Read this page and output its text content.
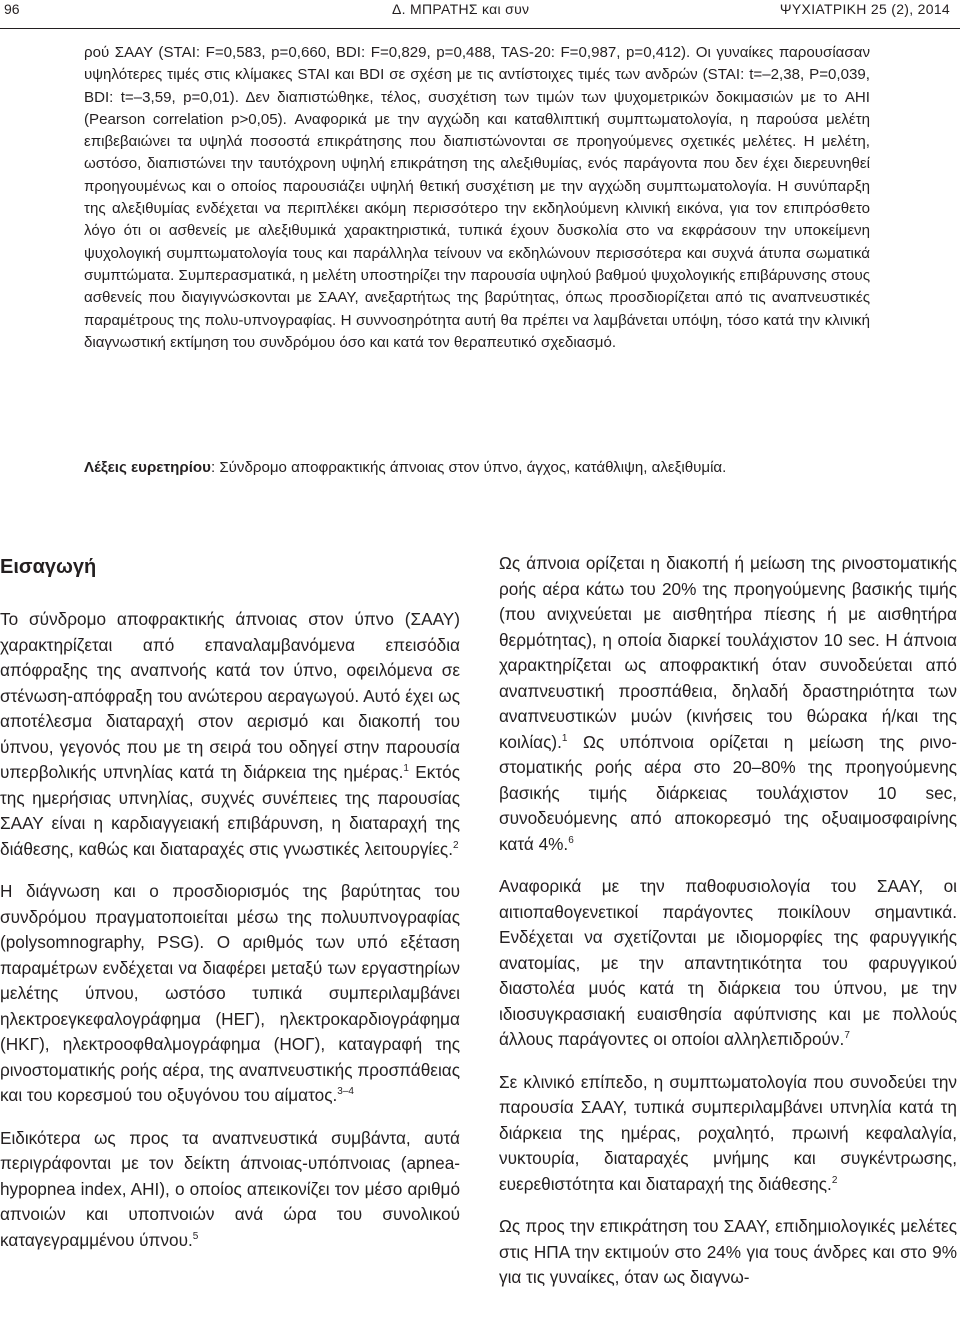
96	Δ. ΜΠΡΑΤΗΣ και συν	ΨΥΧΙΑΤΡΙΚΗ 25 (2), 2014

ρού ΣΑΑΥ (STAI: F=0,583, p=0,660, BDI: F=0,829, p=0,488, TAS-20: F=0,987, p=0,412). Οι γυναίκες παρουσίασαν υψηλότερες τιμές στις κλίμακες STAI και BDI σε σχέση με τις αντίστοιχες τιμές των ανδρών (STAI: t=–2,38, P=0,039, BDI: t=–3,59, p=0,01). Δεν διαπιστώθηκε, τέλος, συσχέτιση των τιμών των ψυχομετρικών δοκιμασιών με το AHI (Pearson correlation p>0,05). Αναφορικά με την αγχώδη και καταθλιπτική συμπτωματολογία, η παρούσα μελέτη επιβεβαιώνει τα υψηλά ποσοστά επικράτησης που διαπιστώνονται σε προηγούμενες σχετικές μελέτες. Η μελέτη, ωστόσο, διαπιστώνει την ταυτόχρονη υψηλή επικράτηση της αλεξιθυμίας, ενός παράγοντα που δεν έχει διερευνηθεί προηγουμένως και ο οποίος παρουσιάζει υψηλή θετική συσχέτιση με την αγχώδη συμπτωματολογία. Η συνύπαρξη της αλεξιθυμίας ενδέχεται να περιπλέκει ακόμη περισσότερο την εκδηλούμενη κλινική εικόνα, για τον επιπρόσθετο λόγο ότι οι ασθενείς με αλεξιθυμικά χαρακτηριστικά, τυπικά έχουν δυσκολία στο να εκφράσουν την υποκείμενη ψυχολογική συμπτωματολογία τους και παράλληλα τείνουν να εκδηλώνουν περισσότερα και συχνά άτυπα σωματικά συμπτώματα. Συμπερασματικά, η μελέτη υποστηρίζει την παρουσία υψηλού βαθμού ψυχολογικής επιβάρυνσης στους ασθενείς που διαγιγνώσκονται με ΣΑΑΥ, ανεξαρτήτως της βαρύτητας, όπως προσδιορίζεται από τις αναπνευστικές παραμέτρους της πολυ-υπνογραφίας. Η συννοσηρότητα αυτή θα πρέπει να λαμβάνεται υπόψη, τόσο κατά την κλινική διαγνωστική εκτίμηση του συνδρόμου όσο και κατά τον θεραπευτικό σχεδιασμό.

Λέξεις ευρετηρίου: Σύνδρομο αποφρακτικής άπνοιας στον ύπνο, άγχος, κατάθλιψη, αλεξιθυμία.
Εισαγωγή

Το σύνδρομο αποφρακτικής άπνοιας στον ύπνο (ΣΑΑΥ) χαρακτηρίζεται από επαναλαμβανόμενα επεισόδια απόφραξης της αναπνοής κατά τον ύπνο, οφειλόμενα σε στένωση-απόφραξη του ανώτερου αεραγωγού. Αυτό έχει ως αποτέλεσμα διαταραχή στον αερισμό και διακοπή του ύπνου, γεγονός που με τη σειρά του οδηγεί στην παρουσία υπερβολικής υπνηλίας κατά τη διάρκεια της ημέρας.$^1$ Εκτός της ημερήσιας υπνηλίας, συχνές συνέπειες της παρουσίας ΣΑΑΥ είναι η καρδιαγγειακή επιβάρυνση, η διαταραχή της διάθεσης, καθώς και διαταραχές στις γνωστικές λειτουργίες.$^2$

Η διάγνωση και ο προσδιορισμός της βαρύτητας του συνδρόμου πραγματοποιείται μέσω της πολυυπνογραφίας (polysomnography, PSG). Ο αριθμός των υπό εξέταση παραμέτρων ενδέχεται να διαφέρει μεταξύ των εργαστηρίων μελέτης ύπνου, ωστόσο τυπικά συμπεριλαμβάνει ηλεκτροεγκεφαλογράφημα (ΗΕΓ), ηλεκτροκαρδιογράφημα (ΗΚΓ), ηλεκτροοφθαλμογράφημα (ΗΟΓ), καταγραφή της ρινοστοματικής ροής αέρα, της αναπνευστικής προσπάθειας και του κορεσμού του οξυγόνου του αίματος.$^{3-4}$

Ειδικότερα ως προς τα αναπνευστικά συμβάντα, αυτά περιγράφονται με τον δείκτη άπνοιας-υπόπνοιας (apnea-hypopnea index, AHI), ο οποίος απεικονίζει τον μέσο αριθμό απνοιών και υποπνοιών ανά ώρα του συνολικού καταγεγραμμένου ύπνου.$^5$

Ως άπνοια ορίζεται η διακοπή ή μείωση της ρινοστοματικής ροής αέρα κάτω του 20% της προηγούμενης βασικής τιμής (που ανιχνεύεται με αισθητήρα πίεσης ή με αισθητήρα θερμότητας), η οποία διαρκεί τουλάχιστον 10 sec. Η άπνοια χαρακτηρίζεται ως αποφρακτική όταν συνοδεύεται από αναπνευστική προσπάθεια, δηλαδή δραστηριότητα των αναπνευστικών μυών (κινήσεις του θώρακα ή/και της κοιλίας).$^1$ Ως υπόπνοια ορίζεται η μείωση της ρινο-στοματικής ροής αέρα στο 20–80% της προηγούμενης βασικής τιμής διάρκειας τουλάχιστον 10 sec, συνοδευόμενης από αποκορεσμό της οξυαιμοσφαιρίνης κατά 4%.$^6$

Αναφορικά με την παθοφυσιολογία του ΣΑΑΥ, οι αιτιοπαθογενετικοί παράγοντες ποικίλουν σημαντικά. Ενδέχεται να σχετίζονται με ιδιομορφίες της φαρυγγικής ανατομίας, με την απαντητικότητα του φαρυγγικού διαστολέα μυός κατά τη διάρκεια του ύπνου, με την ιδιοσυγκρασιακή ευαισθησία αφύπνισης και με πολλούς άλλους παράγοντες οι οποίοι αλληλεπιδρούν.$^7$

Σε κλινικό επίπεδο, η συμπτωματολογία που συνοδεύει την παρουσία ΣΑΑΥ, τυπικά συμπεριλαμβάνει υπνηλία κατά τη διάρκεια της ημέρας, ροχαλητό, πρωινή κεφαλαλγία, νυκτουρία, διαταραχές μνήμης και συγκέντρωσης, ευερεθιστότητα και διαταραχή της διάθεσης.$^2$

Ως προς την επικράτηση του ΣΑΑΥ, επιδημιολογικές μελέτες στις ΗΠΑ την εκτιμούν στο 24% για τους άνδρες και στο 9% για τις γυναίκες, όταν ως διαγνω-
